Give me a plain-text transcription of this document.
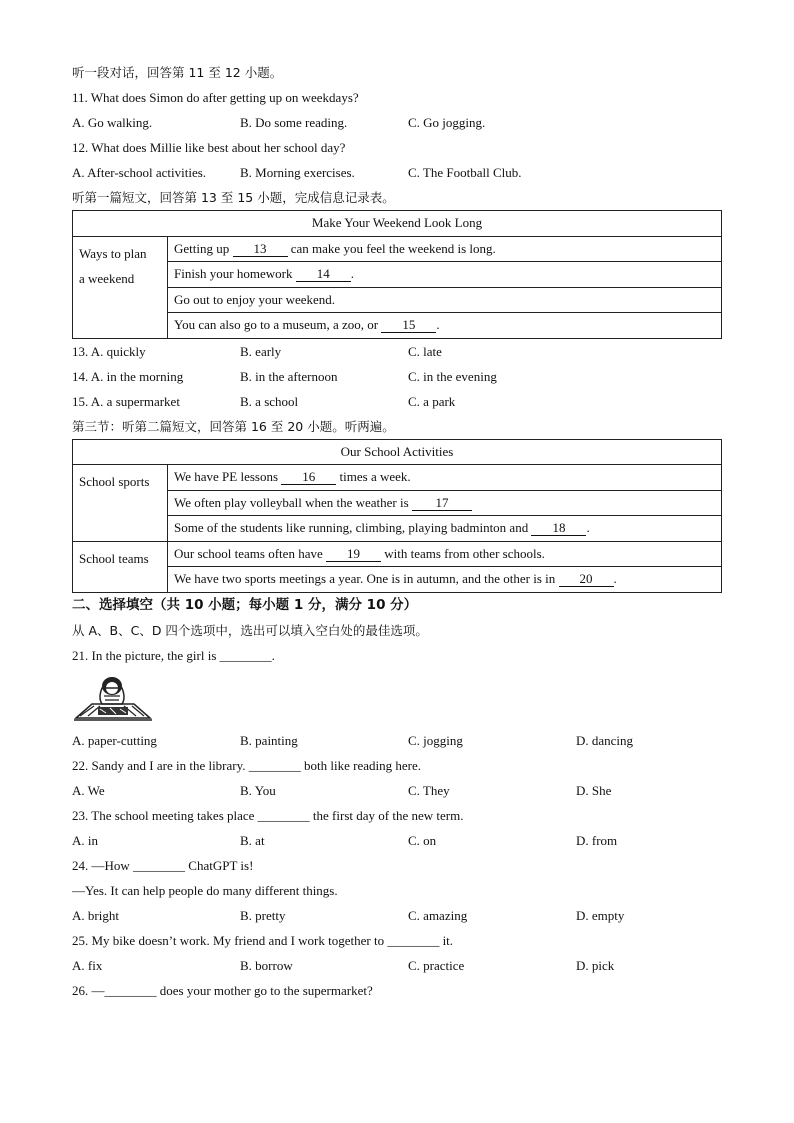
听一段对话，回答第 11 至 12 小题。
11. What does Simon do after getting up on weekdays?
A. Go walking.	B. Do some reading.	C. Go jogging.
12. What does Millie like best about her school day?
A. After-school activities.	B. Morning exercises.	C. The Football Club.
听第一篇短文，回答第 13 至 15 小题，完成信息记录表。
Make Your Weekend Look Long
Ways to plan
a weekend	Getting up 13 can make you feel the weekend is long.
Finish your homework 14 .
Go out to enjoy your weekend.
You can also go to a museum, a zoo, or 15 .
13. A. quickly	B. early	C. late
14. A. in the morning	B. in the afternoon	C. in the evening
15. A. a supermarket	B. a school	C. a park
第三节：听第二篇短文，回答第 16 至 20 小题。听两遍。
Our School Activities	
School sports	We have PE lessons 16 times a week.
	We often play volleyball when the weather is 17
	Some of the students like running, climbing, playing badminton and 18 .
School teams	Our school teams often have 19 with teams from other schools.
	We have two sports meetings a year. One is in autumn, and the other is in 20 .
二、选择填空（共 10 小题；每小题 1 分，满分 10 分）
从 A、B、C、D 四个选项中，选出可以填入空白处的最佳选项。
21. In the picture, the girl is ________.
A. paper-cutting	B. painting	C. jogging	D. dancing
22. Sandy and I are in the library. ________ both like reading here.
A. We	B. You	C. They	D. She
23. The school meeting takes place ________ the first day of the new term.
A. in	B. at	C. on	D. from
24. —How ________ ChatGPT is!
—Yes. It can help people do many different things.
A. bright	B. pretty	C. amazing	D. empty
25. My bike doesn’t work. My friend and I work together to ________ it.
A. fix	B. borrow	C. practice	D. pick
26. —________ does your mother go to the supermarket?
